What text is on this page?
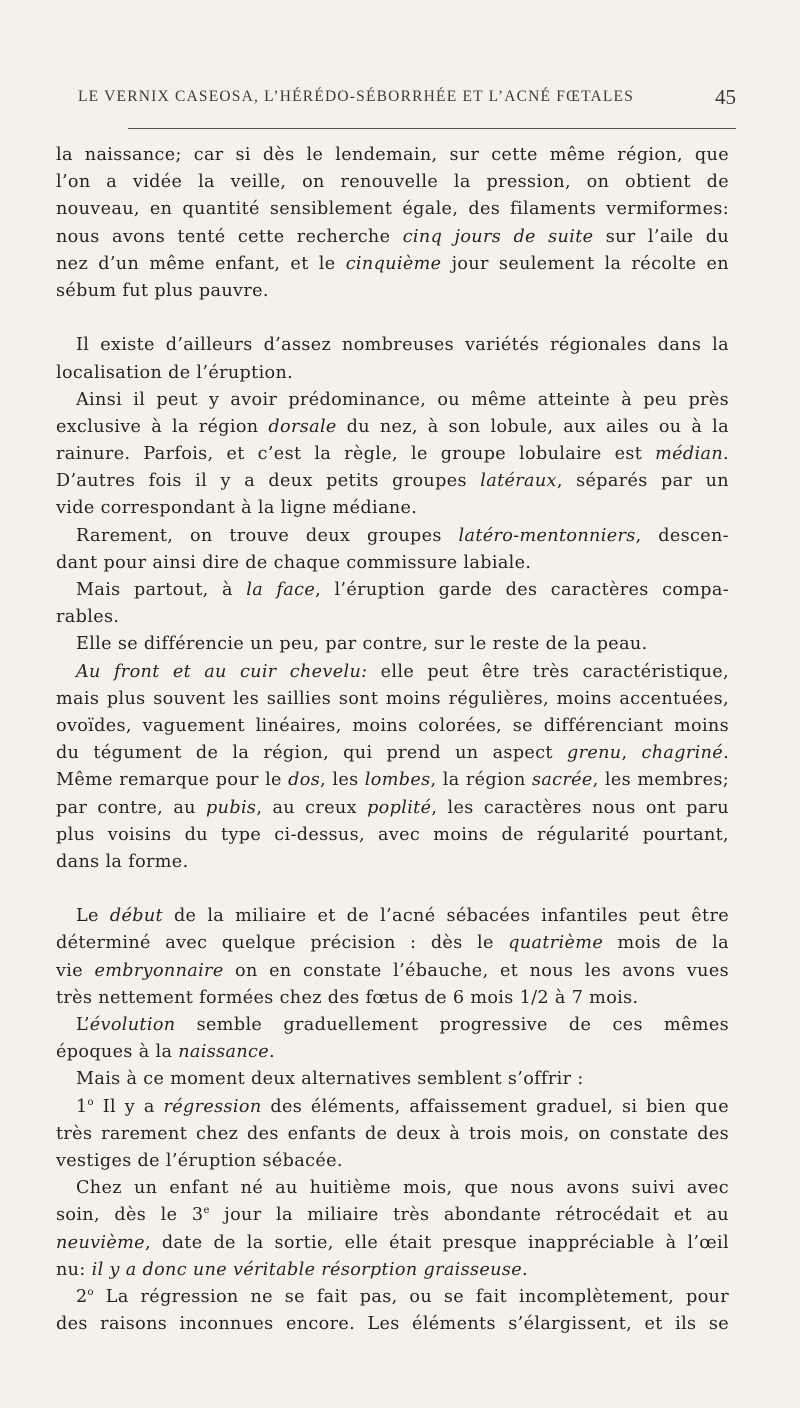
LE VERNIX CASEOSA, L’HÉRÉDO-SÉBORRHÉE ET L’ACNÉ FŒTALES	45
la naissance; car si dès le lendemain, sur cette même région, que
l’on a vidée la veille, on renouvelle la pression, on obtient de
nouveau, en quantité sensiblement égale, des filaments vermiformes:
nous avons tenté cette recherche cinq jours de suite sur l’aile du
nez d’un même enfant, et le cinquième jour seulement la récolte en
sébum fut plus pauvre.
Il existe d’ailleurs d’assez nombreuses variétés régionales dans la
localisation de l’éruption.
Ainsi il peut y avoir prédominance, ou même atteinte à peu près
exclusive à la région dorsale du nez, à son lobule, aux ailes ou à la
rainure. Parfois, et c’est la règle, le groupe lobulaire est médian.
D’autres fois il y a deux petits groupes latéraux, séparés par un
vide correspondant à la ligne médiane.
Rarement, on trouve deux groupes latéro-mentonniers, descen-
dant pour ainsi dire de chaque commissure labiale.
Mais partout, à la face, l’éruption garde des caractères compa-
rables.
Elle se différencie un peu, par contre, sur le reste de la peau.
Au front et au cuir chevelu: elle peut être très caractéristique,
mais plus souvent les saillies sont moins régulières, moins accentuées,
ovoïdes, vaguement linéaires, moins colorées, se différenciant moins
du tégument de la région, qui prend un aspect grenu, chagriné.
Même remarque pour le dos, les lombes, la région sacrée, les membres;
par contre, au pubis, au creux poplité, les caractères nous ont paru
plus voisins du type ci-dessus, avec moins de régularité pourtant,
dans la forme.
Le début de la miliaire et de l’acné sébacées infantiles peut être
déterminé avec quelque précision : dès le quatrième mois de la
vie embryonnaire on en constate l’ébauche, et nous les avons vues
très nettement formées chez des fœtus de 6 mois 1/2 à 7 mois.
L’évolution semble graduellement progressive de ces mêmes
époques à la naissance.
Mais à ce moment deux alternatives semblent s’offrir :
1$^o$ Il y a régression des éléments, affaissement graduel, si bien que
très rarement chez des enfants de deux à trois mois, on constate des
vestiges de l’éruption sébacée.
Chez un enfant né au huitième mois, que nous avons suivi avec
soin, dès le 3e jour la miliaire très abondante rétrocédait et au
neuvième, date de la sortie, elle était presque inappréciable à l’œil
nu: il y a donc une véritable résorption graisseuse.
2$^o$ La régression ne se fait pas, ou se fait incomplètement, pour
des raisons inconnues encore. Les éléments s’élargissent, et ils se
